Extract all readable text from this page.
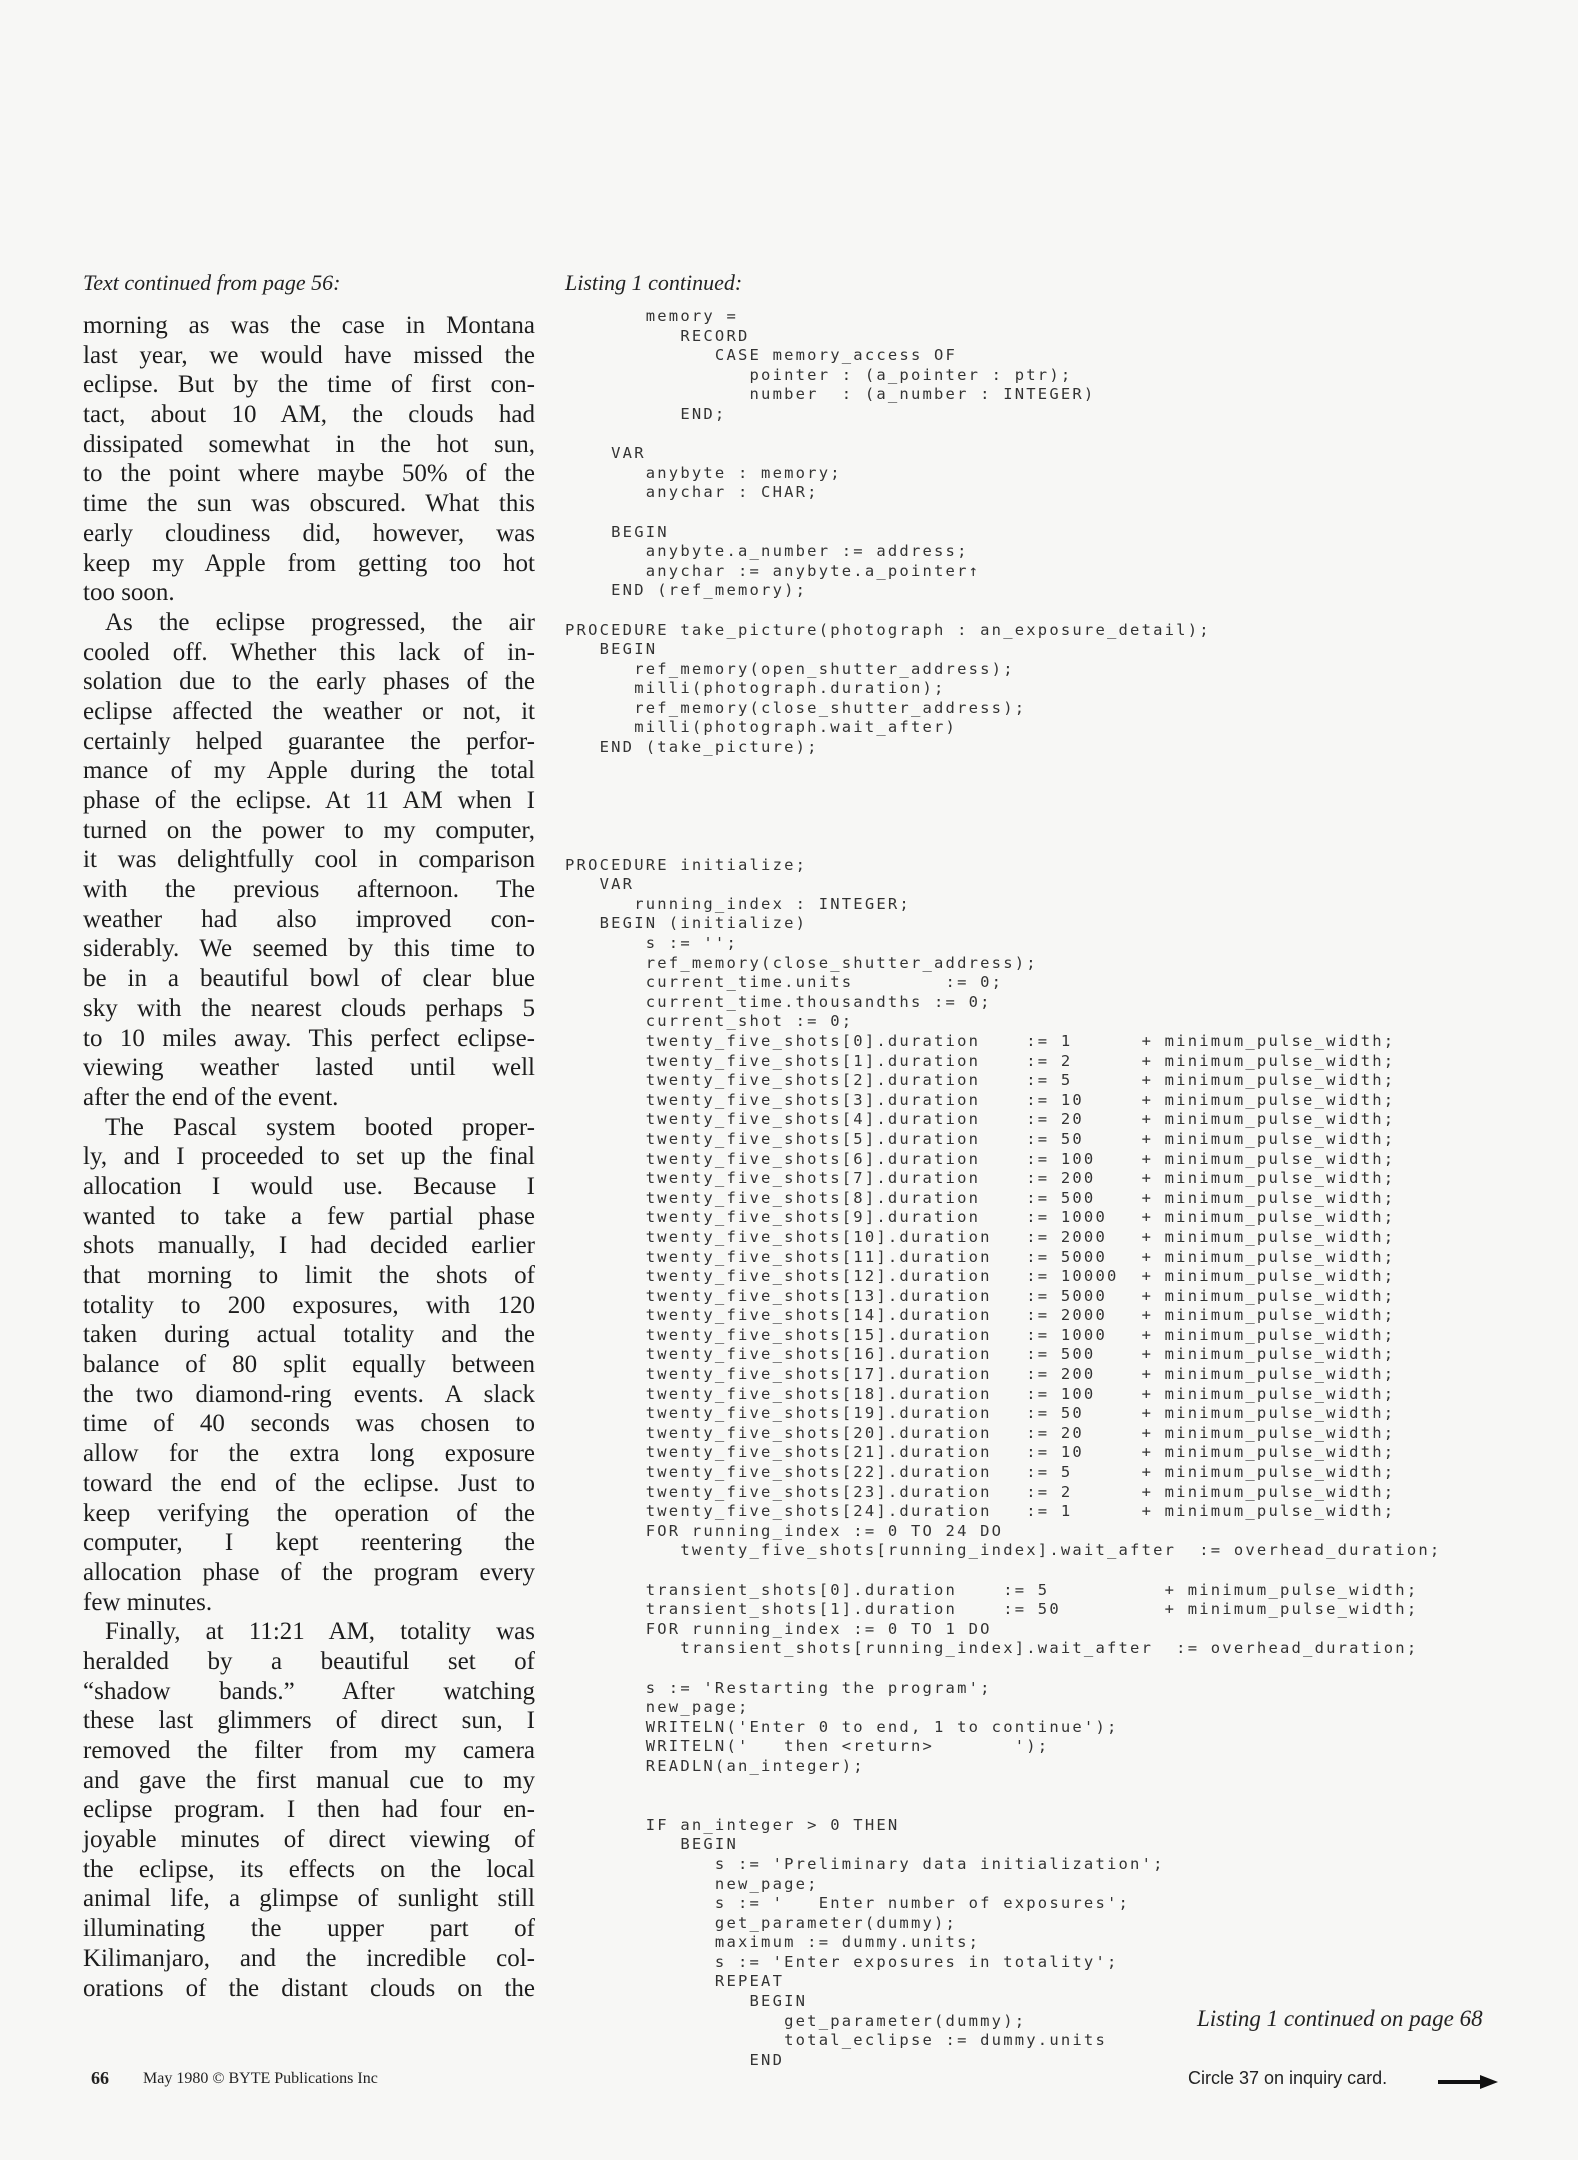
Text continued from page 56:	Listing 1 continued:
morning as was the case in Montana
last year, we would have missed the
eclipse. But by the time of first con-
tact, about 10 AM, the clouds had
dissipated somewhat in the hot sun,
to the point where maybe 50% of the
time the sun was obscured. What this
early cloudiness did, however, was
keep my Apple from getting too hot
too soon.
As the eclipse progressed, the air
cooled off. Whether this lack of in-
solation due to the early phases of the
eclipse affected the weather or not, it
certainly helped guarantee the perfor-
mance of my Apple during the total
phase of the eclipse. At 11 AM when I
turned on the power to my computer,
it was delightfully cool in comparison
with the previous afternoon. The
weather had also improved con-
siderably. We seemed by this time to
be in a beautiful bowl of clear blue
sky with the nearest clouds perhaps 5
to 10 miles away. This perfect eclipse-
viewing weather lasted until well
after the end of the event.
The Pascal system booted proper-
ly, and I proceeded to set up the final
allocation I would use. Because I
wanted to take a few partial phase
shots manually, I had decided earlier
that morning to limit the shots of
totality to 200 exposures, with 120
taken during actual totality and the
balance of 80 split equally between
the two diamond-ring events. A slack
time of 40 seconds was chosen to
allow for the extra long exposure
toward the end of the eclipse. Just to
keep verifying the operation of the
computer, I kept reentering the
allocation phase of the program every
few minutes.
Finally, at 11:21 AM, totality was
heralded by a beautiful set of
“shadow bands.” After watching
these last glimmers of direct sun, I
removed the filter from my camera
and gave the first manual cue to my
eclipse program. I then had four en-
joyable minutes of direct viewing of
the eclipse, its effects on the local
animal life, a glimpse of sunlight still
illuminating the upper part of
Kilimanjaro, and the incredible col-
orations of the distant clouds on the
memory =
RECORD
CASE memory_access OF
pointer : (a_pointer : ptr);
number  : (a_number : INTEGER)
END;
VAR
anybyte : memory;
anychar : CHAR;
BEGIN
anybyte.a_number := address;
anychar := anybyte.a_pointer↑
END (ref_memory);
PROCEDURE take_picture(photograph : an_exposure_detail);
BEGIN
ref_memory(open_shutter_address);
milli(photograph.duration);
ref_memory(close_shutter_address);
milli(photograph.wait_after)
END (take_picture);
PROCEDURE initialize;
VAR
running_index : INTEGER;
BEGIN (initialize)
s := '';
ref_memory(close_shutter_address);
current_time.units        := 0;
current_time.thousandths := 0;
current_shot := 0;
twenty_five_shots[0].duration    := 1      + minimum_pulse_width;
twenty_five_shots[1].duration    := 2      + minimum_pulse_width;
twenty_five_shots[2].duration    := 5      + minimum_pulse_width;
twenty_five_shots[3].duration    := 10     + minimum_pulse_width;
twenty_five_shots[4].duration    := 20     + minimum_pulse_width;
twenty_five_shots[5].duration    := 50     + minimum_pulse_width;
twenty_five_shots[6].duration    := 100    + minimum_pulse_width;
twenty_five_shots[7].duration    := 200    + minimum_pulse_width;
twenty_five_shots[8].duration    := 500    + minimum_pulse_width;
twenty_five_shots[9].duration    := 1000   + minimum_pulse_width;
twenty_five_shots[10].duration   := 2000   + minimum_pulse_width;
twenty_five_shots[11].duration   := 5000   + minimum_pulse_width;
twenty_five_shots[12].duration   := 10000  + minimum_pulse_width;
twenty_five_shots[13].duration   := 5000   + minimum_pulse_width;
twenty_five_shots[14].duration   := 2000   + minimum_pulse_width;
twenty_five_shots[15].duration   := 1000   + minimum_pulse_width;
twenty_five_shots[16].duration   := 500    + minimum_pulse_width;
twenty_five_shots[17].duration   := 200    + minimum_pulse_width;
twenty_five_shots[18].duration   := 100    + minimum_pulse_width;
twenty_five_shots[19].duration   := 50     + minimum_pulse_width;
twenty_five_shots[20].duration   := 20     + minimum_pulse_width;
twenty_five_shots[21].duration   := 10     + minimum_pulse_width;
twenty_five_shots[22].duration   := 5      + minimum_pulse_width;
twenty_five_shots[23].duration   := 2      + minimum_pulse_width;
twenty_five_shots[24].duration   := 1      + minimum_pulse_width;
FOR running_index := 0 TO 24 DO
twenty_five_shots[running_index].wait_after  := overhead_duration;
transient_shots[0].duration    := 5          + minimum_pulse_width;
transient_shots[1].duration    := 50         + minimum_pulse_width;
FOR running_index := 0 TO 1 DO
transient_shots[running_index].wait_after  := overhead_duration;
s := 'Restarting the program';
new_page;
WRITELN('Enter 0 to end, 1 to continue');
WRITELN('   then <return>       ');
READLN(an_integer);
IF an_integer > 0 THEN
BEGIN
s := 'Preliminary data initialization';
new_page;
s := '   Enter number of exposures';
get_parameter(dummy);
maximum := dummy.units;
s := 'Enter exposures in totality';
REPEAT
BEGIN
get_parameter(dummy);
total_eclipse := dummy.units
END
Listing 1 continued on page 68
66 May 1980 © BYTE Publications Inc	Circle 37 on inquiry card.
